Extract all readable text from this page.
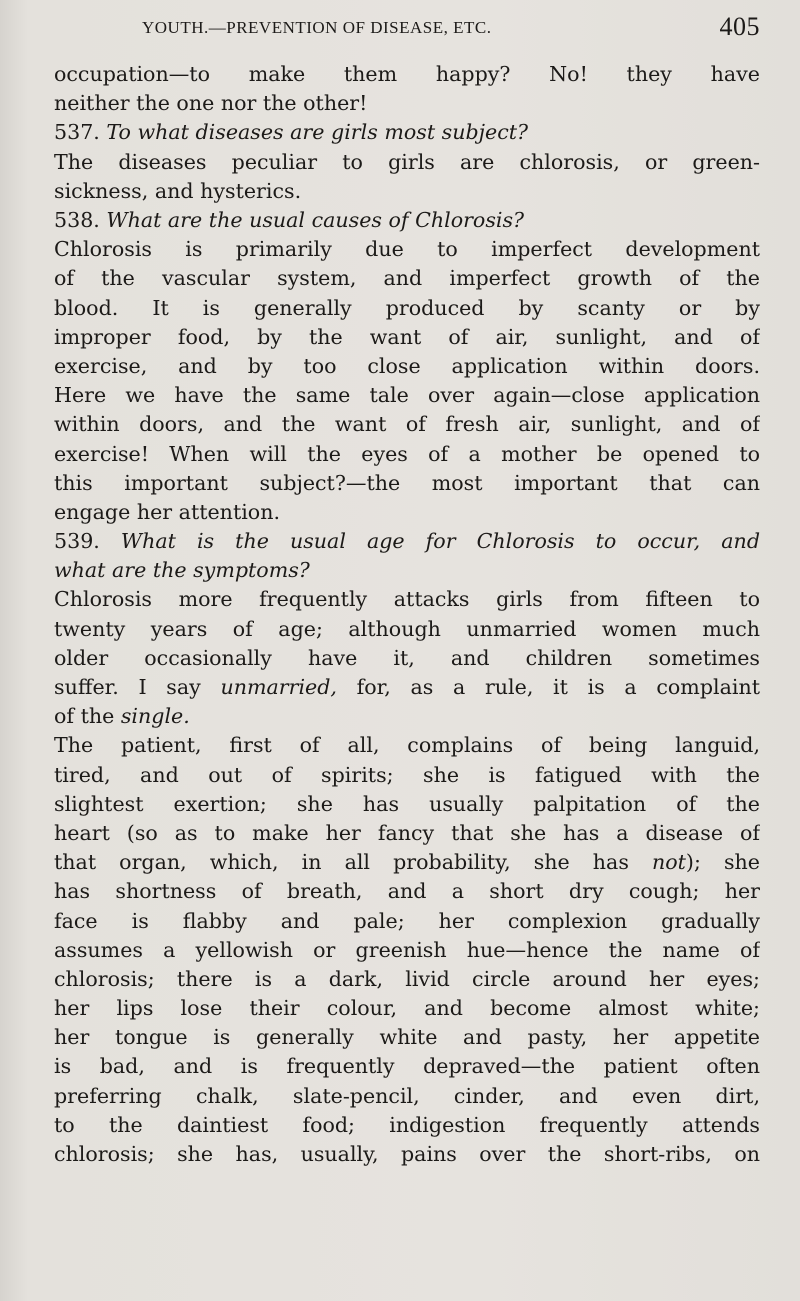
YOUTH.—PREVENTION OF DISEASE, ETC.	405
occupation—to make them happy? No! they have
neither the one nor the other!
537. To what diseases are girls most subject?
The diseases peculiar to girls are chlorosis, or green-
sickness, and hysterics.
538. What are the usual causes of Chlorosis?
Chlorosis is primarily due to imperfect development
of the vascular system, and imperfect growth of the
blood. It is generally produced by scanty or by
improper food, by the want of air, sunlight, and of
exercise, and by too close application within doors.
Here we have the same tale over again—close application
within doors, and the want of fresh air, sunlight, and of
exercise! When will the eyes of a mother be opened to
this important subject?—the most important that can
engage her attention.
539. What is the usual age for Chlorosis to occur, and
what are the symptoms?
Chlorosis more frequently attacks girls from fifteen to
twenty years of age; although unmarried women much
older occasionally have it, and children sometimes
suffer. I say unmarried, for, as a rule, it is a complaint
of the single.
The patient, first of all, complains of being languid,
tired, and out of spirits; she is fatigued with the
slightest exertion; she has usually palpitation of the
heart (so as to make her fancy that she has a disease of
that organ, which, in all probability, she has not); she
has shortness of breath, and a short dry cough; her
face is flabby and pale; her complexion gradually
assumes a yellowish or greenish hue—hence the name of
chlorosis; there is a dark, livid circle around her eyes;
her lips lose their colour, and become almost white;
her tongue is generally white and pasty, her appetite
is bad, and is frequently depraved—the patient often
preferring chalk, slate-pencil, cinder, and even dirt,
to the daintiest food; indigestion frequently attends
chlorosis; she has, usually, pains over the short-ribs, on
